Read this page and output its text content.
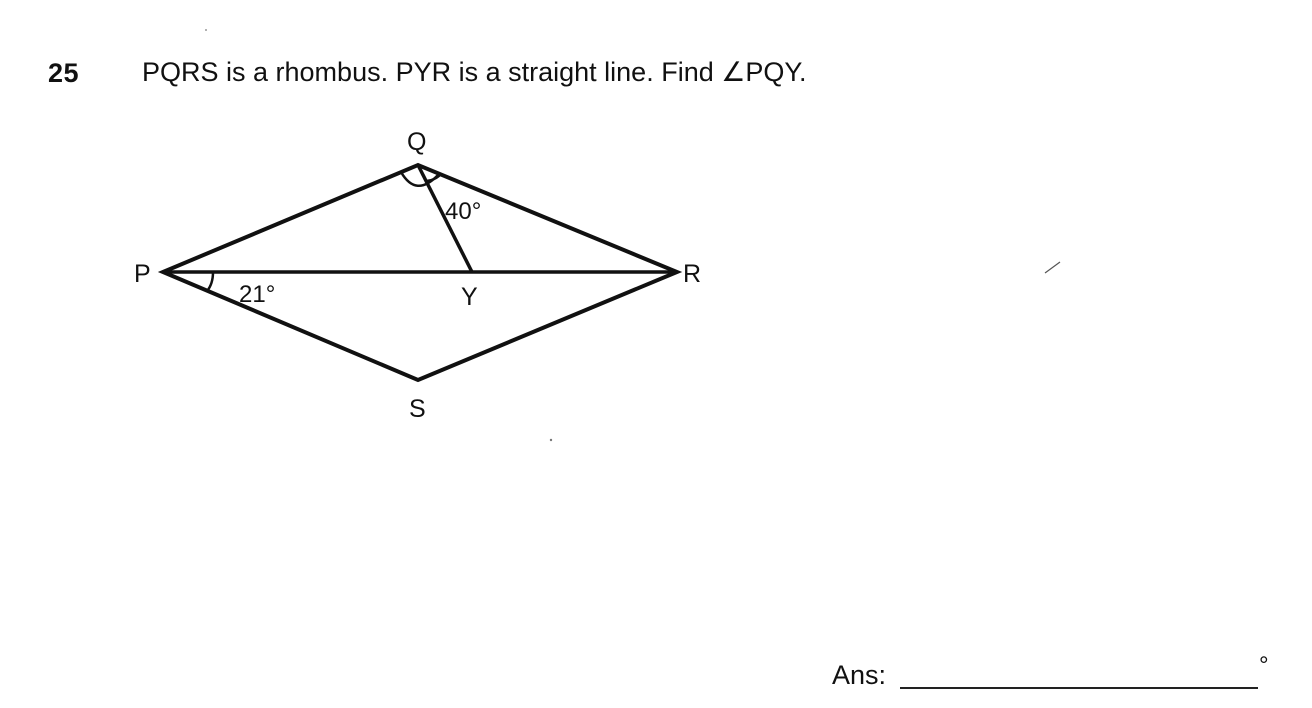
25 PQRS is a rhombus. PYR is a straight line. Find ∠PQY.
Q
P	R
S
Y
21°
40°
Ans:	°
